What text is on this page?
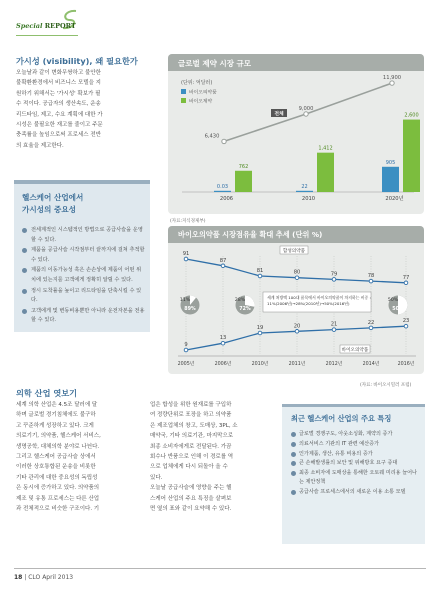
Special REPORT
가시성 (visibility), 왜 필요한가
오늘날과 같이 변화무쌍하고 불안한
불확환환경에서 비즈니스 모델을 지
원하기 위해서는 '가시성' 확보가 필
수 적이다. 공급자의 생산속도, 운송
리드타임, 제고, 수요 계획에 대한 가
시성은 불필요한 재고를 줄이고 주문
충족률을 높임으로써 프로세스 전반
의 효율을 제고한다.
글로벌 제약 시장 규모
(단위: 억달러)
바이오의약품
바이오제약
6,430
9,000
11,900
전체
0.03
762
2006
22
1,412
2010
905
2,600
2020년
(자료:지식경제부)
헬스케어 산업에서
가시성의 중요성
전세계적인 시스템적인 방법으로 공급사슬을 운영할 수 있다.
제품을 공급사슬 시작점부터 끝까지에 걸쳐 추적할 수 있다.
제품의 이동가능성 혹은 손손상에 제품이 어떤 위치에 있는지를 고객에게 정확히 알릴 수 있다.
정시 도착률을 높이고 리드타임을 단축시킬 수 있다.
고객에게 및 변동비용뿐만 아니라 운전자본을 전용할 수 있다.
바이오의약품 시장점유율 확대 추세 (단위 %)
91
87
81	80	79	78	77
9
13
19	20	21	22	23
합성의약품
바이오의약품
11%
89%
28%
72%
50%
50%
세계 처방액 100대 품목에서 바이오의약품이 차지하는 비중 : 11%(2006년)→28%(2010년)→50%(2016년)
2005년	2006년	2010년	2011년	2012년	2014년	2016년
(자료: 바이오시밀러 포럼)
의학 산업 엿보기
세계 의학 산업은 4.5조 달러에 달
하며 글로벌 경기침체에도 불구하
고 꾸준하게 성장하고 있다. 크게
의료기기, 의약품, 헬스케어 서비스,
생명공학, 대체의학 분야로 나뉜다.
그리고 헬스케어 공급사슬 상에서
이러한 상호통합된 운송을 비롯한
기타 관리에 대한 중요성의 독립성
은 동시에 증가하고 있다. 의약품의
제조 및 유통 프로세스는 다른 산업
과 전체적으로 비슷한 구조이다. 기
업은 합성을 위한 원재료를 구입하
여 정량단위로 포장을 하고 의약품
은 제조업체의 창고, 도매상, 3PL, 소
매약국, 기타 의료기관, 마지막으로
최종 소비자에게로 전달된다. 가끔
회수나 반품으로 인해 이 경로를 역
으로 업체에게 다시 되돌아 올 수
있다.
오늘날 공급사슬에 영향을 주는 헬
스케어 산업의 주요 특징을 살펴보
면 옆의 표와 같이 요약해 수 있다.
최근 헬스케어 산업의 주요 특징
글로벌 경쟁구도, 아웃소싱화, 계약의 증가
의료서비스 기관의 IT 관련 예산증가
인가제품, 생산, 유통 비용의 증가
큰 손해발생률의 보안 및 위해방호 요구 증대
최종 소비자에 도매상을 통해한 오토웨 미리용 늘어나는 제안정책
공급사슬 프로세스에서의 새로운 이용 소통 모델
18 | CLO April 2013
